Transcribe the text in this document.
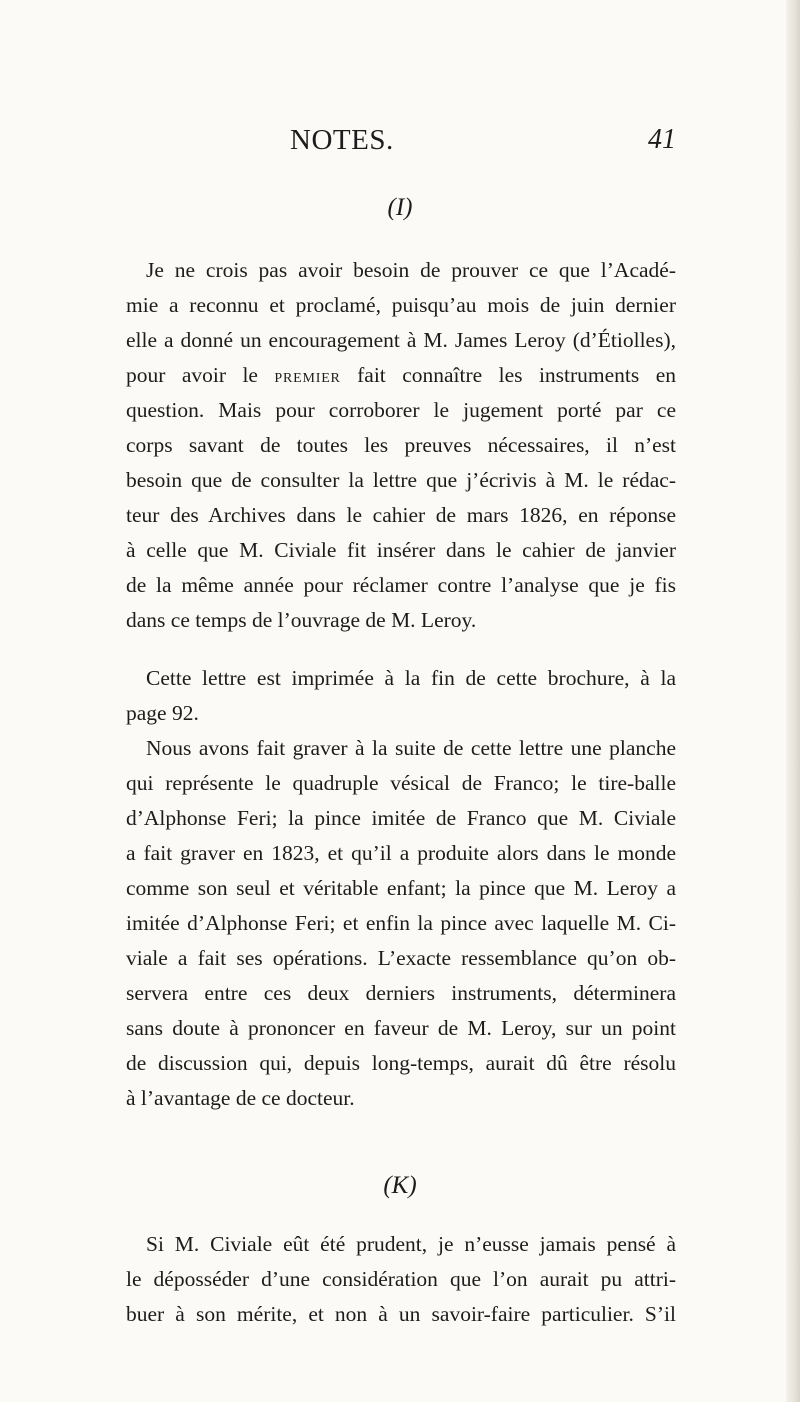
NOTES.	41
(I)

Je ne crois pas avoir besoin de prouver ce que l’Acadé-
mie a reconnu et proclamé, puisqu’au mois de juin dernier
elle a donné un encouragement à M. James Leroy (d’Étiolles),
pour avoir le PREMIER fait connaître les instruments en
question. Mais pour corroborer le jugement porté par ce
corps savant de toutes les preuves nécessaires, il n’est
besoin que de consulter la lettre que j’écrivis à M. le rédac-
teur des Archives dans le cahier de mars 1826, en réponse
à celle que M. Civiale fit insérer dans le cahier de janvier
de la même année pour réclamer contre l’analyse que je fis
dans ce temps de l’ouvrage de M. Leroy.

Cette lettre est imprimée à la fin de cette brochure, à la
page 92.

Nous avons fait graver à la suite de cette lettre une planche
qui représente le quadruple vésical de Franco; le tire-balle
d’Alphonse Feri; la pince imitée de Franco que M. Civiale
a fait graver en 1823, et qu’il a produite alors dans le monde
comme son seul et véritable enfant; la pince que M. Leroy a
imitée d’Alphonse Feri; et enfin la pince avec laquelle M. Ci-
viale a fait ses opérations. L’exacte ressemblance qu’on ob-
servera entre ces deux derniers instruments, déterminera
sans doute à prononcer en faveur de M. Leroy, sur un point
de discussion qui, depuis long-temps, aurait dû être résolu
à l’avantage de ce docteur.

(K)

Si M. Civiale eût été prudent, je n’eusse jamais pensé à
le déposséder d’une considération que l’on aurait pu attri-
buer à son mérite, et non à un savoir-faire particulier. S’il
